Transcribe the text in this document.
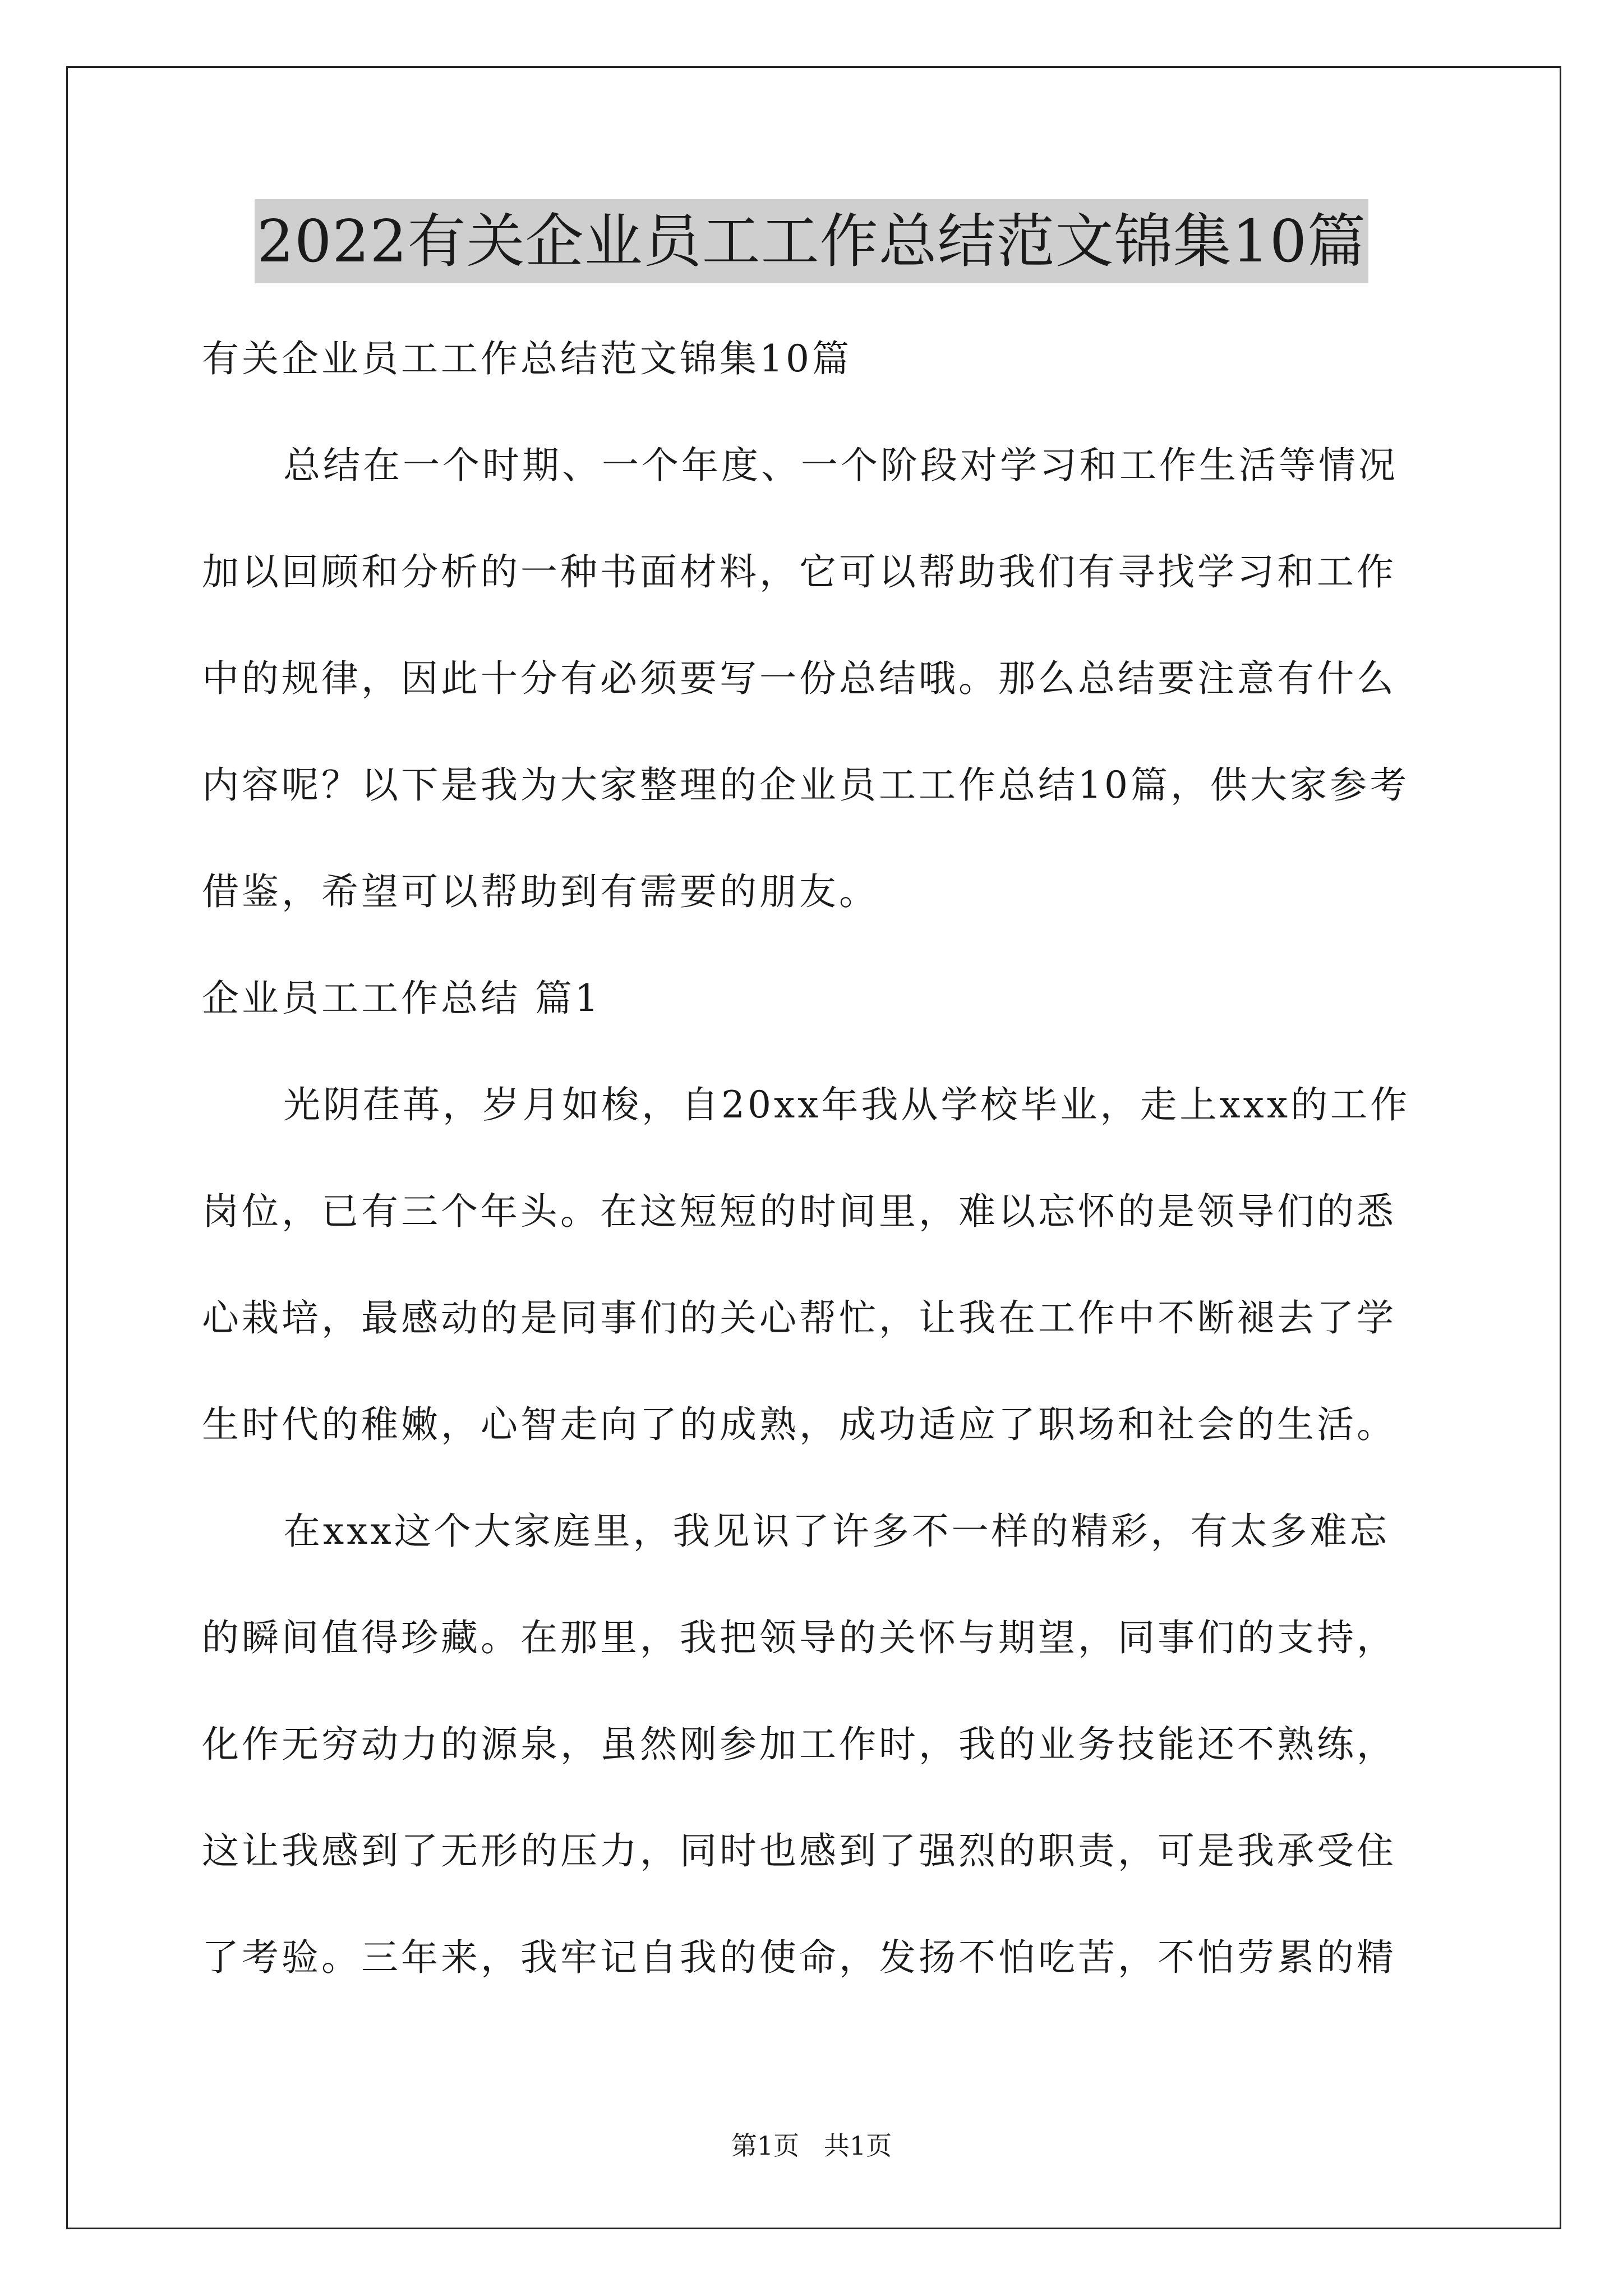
2022有关企业员工工作总结范文锦集10篇
有关企业员工工作总结范文锦集10篇
总结在一个时期、一个年度、一个阶段对学习和工作生活等情况
加以回顾和分析的一种书面材料，它可以帮助我们有寻找学习和工作
中的规律，因此十分有必须要写一份总结哦。那么总结要注意有什么
内容呢？以下是我为大家整理的企业员工工作总结10篇，供大家参考
借鉴，希望可以帮助到有需要的朋友。
企业员工工作总结 篇1
光阴荏苒，岁月如梭，自20xx年我从学校毕业，走上xxx的工作
岗位，已有三个年头。在这短短的时间里，难以忘怀的是领导们的悉
心栽培，最感动的是同事们的关心帮忙，让我在工作中不断褪去了学
生时代的稚嫩，心智走向了的成熟，成功适应了职场和社会的生活。
在xxx这个大家庭里，我见识了许多不一样的精彩，有太多难忘
的瞬间值得珍藏。在那里，我把领导的关怀与期望，同事们的支持，
化作无穷动力的源泉，虽然刚参加工作时，我的业务技能还不熟练，
这让我感到了无形的压力，同时也感到了强烈的职责，可是我承受住
了考验。三年来，我牢记自我的使命，发扬不怕吃苦，不怕劳累的精
第1页   共1页
